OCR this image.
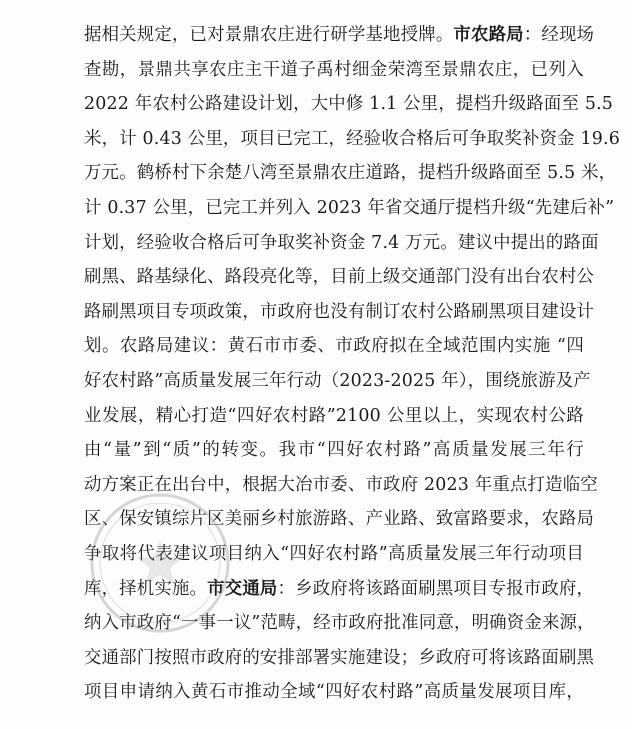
据相关规定，已对景鼎农庄进行研学基地授牌。市农路局：经现场
查勘，景鼎共享农庄主干道子禹村细金荣湾至景鼎农庄，已列入
2022 年农村公路建设计划，大中修 1.1 公里，提档升级路面至 5.5
米，计 0.43 公里，项目已完工，经验收合格后可争取奖补资金 19.6
万元。鹤桥村下余楚八湾至景鼎农庄道路，提档升级路面至 5.5 米，
计 0.37 公里，已完工并列入 2023 年省交通厅提档升级“先建后补”
计划，经验收合格后可争取奖补资金 7.4 万元。建议中提出的路面
刷黑、路基绿化、路段亮化等，目前上级交通部门没有出台农村公
路刷黑项目专项政策，市政府也没有制订农村公路刷黑项目建设计
划。农路局建议：黄石市市委、市政府拟在全域范围内实施 “四
好农村路”高质量发展三年行动（2023-2025 年），围绕旅游及产
业发展，精心打造“四好农村路”2100 公里以上，实现农村公路
由“量”到“质”的转变。我市“四好农村路”高质量发展三年行
动方案正在出台中，根据大冶市委、市政府 2023 年重点打造临空
区、保安镇综片区美丽乡村旅游路、产业路、致富路要求，农路局
争取将代表建议项目纳入“四好农村路”高质量发展三年行动项目
库，择机实施。市交通局：乡政府将该路面刷黑项目专报市政府，
纳入市政府“一事一议”范畴，经市政府批准同意，明确资金来源，
交通部门按照市政府的安排部署实施建设；乡政府可将该路面刷黑
项目申请纳入黄石市推动全域“四好农村路”高质量发展项目库，
